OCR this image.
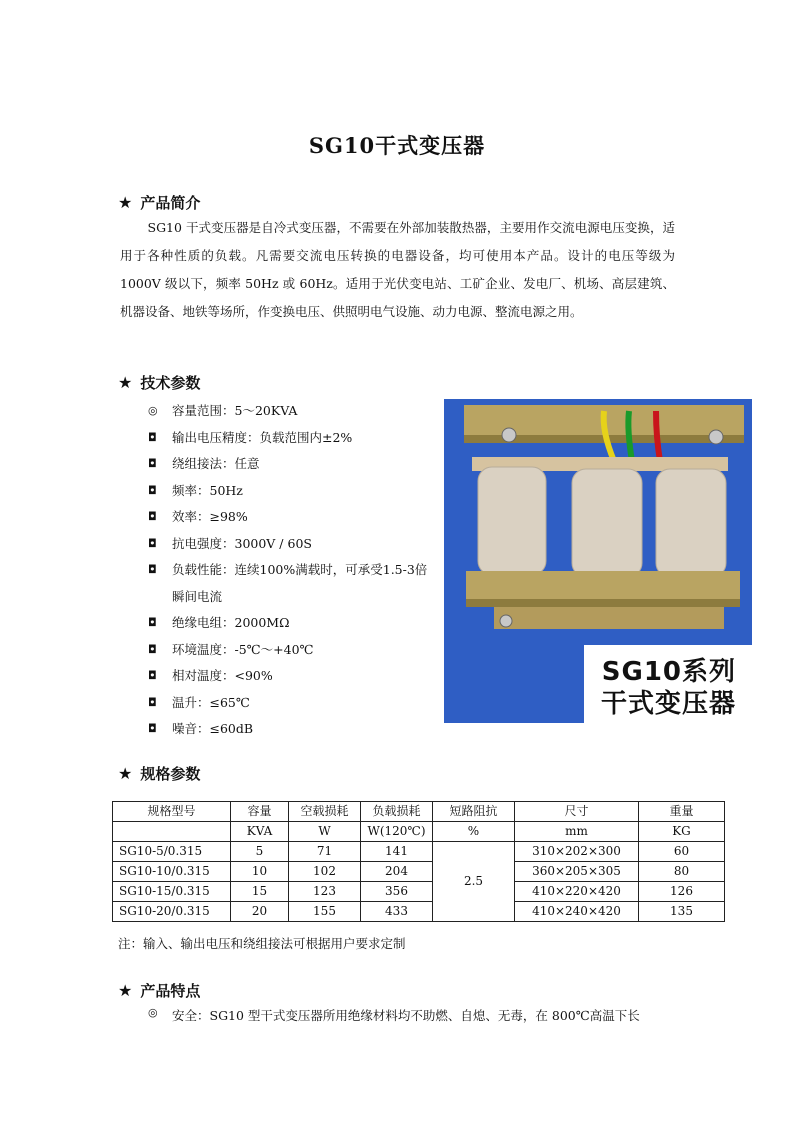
SG10干式变压器
★ 产品简介
SG10 干式变压器是自冷式变压器，不需要在外部加装散热器，主要用作交流电源电压变换，适用于各种性质的负载。凡需要交流电压转换的电器设备，均可使用本产品。设计的电压等级为 1000V 级以下，频率 50Hz 或 60Hz。适用于光伏变电站、工矿企业、发电厂、机场、高层建筑、机器设备、地铁等场所，作变换电压、供照明电气设施、动力电源、整流电源之用。
★ 技术参数
◎	容量范围：5～20KVA
◘	输出电压精度：负载范围内±2%
◘	绕组接法：任意
◘	频率：50Hz
◘	效率：≥98%
◘	抗电强度：3000V / 60S
◘	负载性能：连续100%满载时，可承受1.5-3倍瞬间电流
◘	绝缘电组：2000MΩ
◘	环境温度：-5℃～+40℃
◘	相对温度：<90%
◘	温升：≤65℃
◘	噪音：≤60dB
SG10系列
干式变压器
★ 规格参数
规格型号	容量	空载损耗	负载损耗	短路阻抗	尺寸	重量
	KVA	W	W(120℃)	%	mm	KG
SG10-5/0.315	5	71	141	2.5	310×202×300	60
SG10-10/0.315	10	102	204		360×205×305	80
SG10-15/0.315	15	123	356		410×220×420	126
SG10-20/0.315	20	155	433		410×240×420	135
注：输入、输出电压和绕组接法可根据用户要求定制
★ 产品特点
◎	安全：SG10 型干式变压器所用绝缘材料均不助燃、自熄、无毒，在 800℃高温下长
